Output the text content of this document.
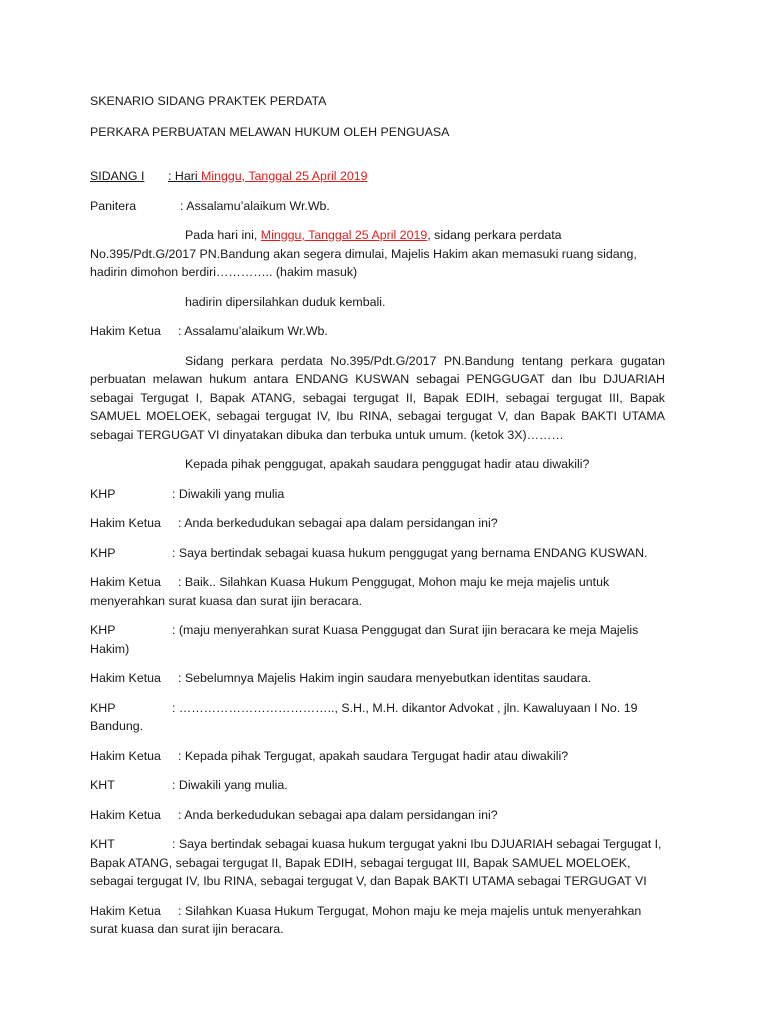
SKENARIO SIDANG PRAKTEK PERDATA

PERKARA PERBUATAN MELAWAN HUKUM OLEH PENGUASA

SIDANG I : Hari Minggu, Tanggal 25 April 2019

Panitera	: Assalamu’alaikum Wr.Wb.

Pada hari ini, Minggu, Tanggal 25 April 2019, sidang perkara perdata No.395/Pdt.G/2017 PN.Bandung akan segera dimulai, Majelis Hakim akan memasuki ruang sidang, hadirin dimohon berdiri………….. (hakim masuk)

hadirin dipersilahkan duduk kembali.

Hakim Ketua : Assalamu’alaikum Wr.Wb.

Sidang perkara perdata No.395/Pdt.G/2017 PN.Bandung tentang perkara gugatan perbuatan melawan hukum antara ENDANG KUSWAN sebagai PENGGUGAT dan Ibu DJUARIAH sebagai Tergugat I, Bapak ATANG, sebagai tergugat II, Bapak EDIH, sebagai tergugat III, Bapak SAMUEL MOELOEK, sebagai tergugat IV, Ibu RINA, sebagai tergugat V, dan Bapak BAKTI UTAMA sebagai TERGUGAT VI dinyatakan dibuka dan terbuka untuk umum. (ketok 3X)………

Kepada pihak penggugat, apakah saudara penggugat hadir atau diwakili?

KHP	: Diwakili yang mulia

Hakim Ketua : Anda berkedudukan sebagai apa dalam persidangan ini?

KHP	: Saya bertindak sebagai kuasa hukum penggugat yang bernama ENDANG KUSWAN.

Hakim Ketua : Baik.. Silahkan Kuasa Hukum Penggugat, Mohon maju ke meja majelis untuk menyerahkan surat kuasa dan surat ijin beracara.

KHP	: (maju menyerahkan surat Kuasa Penggugat dan Surat ijin beracara ke meja Majelis Hakim)

Hakim Ketua : Sebelumnya Majelis Hakim ingin saudara menyebutkan identitas saudara.

KHP	: ……………………………….., S.H., M.H. dikantor Advokat , jln. Kawaluyaan I No. 19 Bandung.

Hakim Ketua : Kepada pihak Tergugat, apakah saudara Tergugat hadir atau diwakili?

KHT	: Diwakili yang mulia.

Hakim Ketua : Anda berkedudukan sebagai apa dalam persidangan ini?

KHT	: Saya bertindak sebagai kuasa hukum tergugat yakni Ibu DJUARIAH sebagai Tergugat I, Bapak ATANG, sebagai tergugat II, Bapak EDIH, sebagai tergugat III, Bapak SAMUEL MOELOEK, sebagai tergugat IV, Ibu RINA, sebagai tergugat V, dan Bapak BAKTI UTAMA sebagai TERGUGAT VI

Hakim Ketua : Silahkan Kuasa Hukum Tergugat, Mohon maju ke meja majelis untuk menyerahkan surat kuasa dan surat ijin beracara.
